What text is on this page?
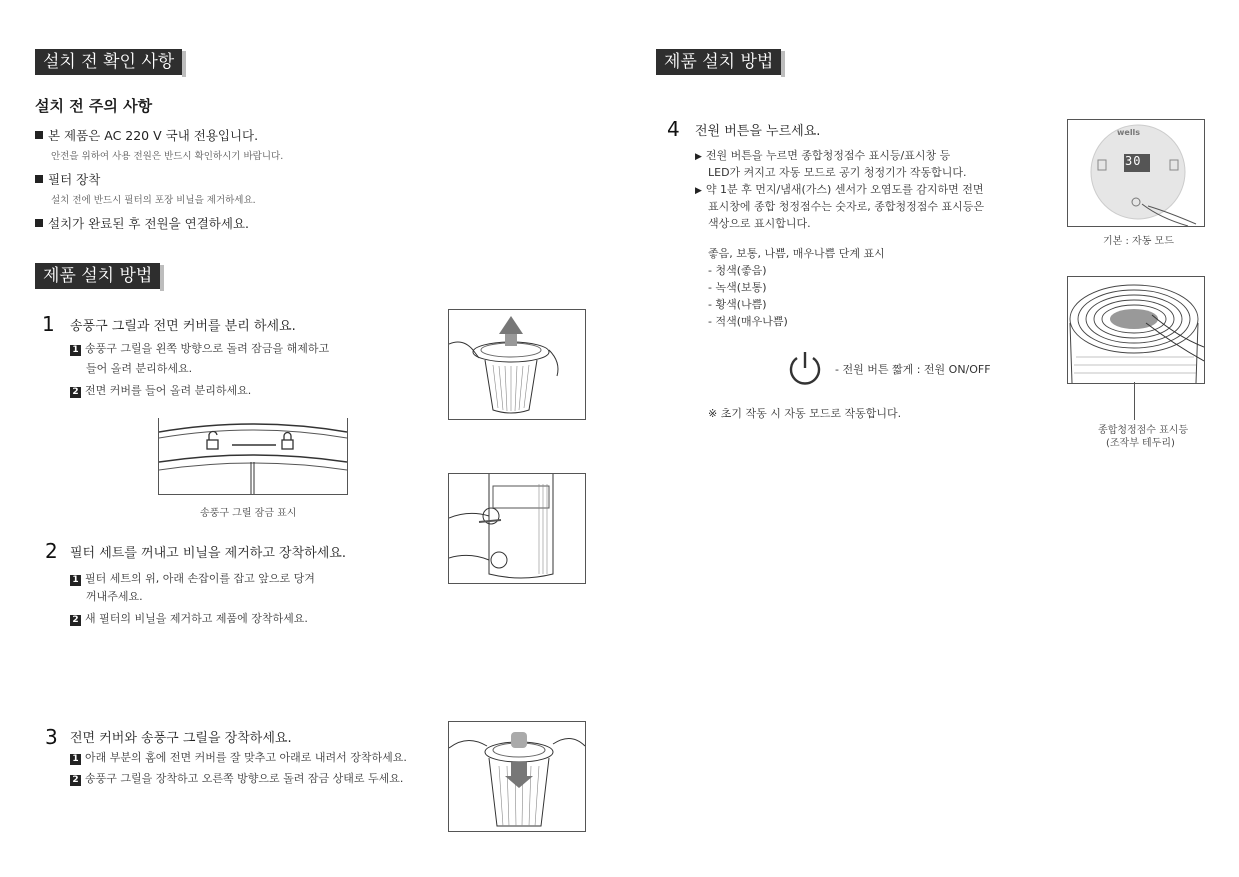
설치 전 확인 사항
설치 전 주의 사항
본 제품은 AC 220 V 국내 전용입니다.
안전을 위하여 사용 전원은 반드시 확인하시기 바랍니다.
필터 장착
설치 전에 반드시 필터의 포장 비닐을 제거하세요.
설치가 완료된 후 전원을 연결하세요.
제품 설치 방법
1 송풍구 그릴과 전면 커버를 분리 하세요.
1 송풍구 그릴을 왼쪽 방향으로 돌려 잠금을 해제하고
들어 올려 분리하세요.
2 전면 커버를 들어 올려 분리하세요.
송풍구 그릴 잠금 표시
2 필터 세트를 꺼내고 비닐을 제거하고 장착하세요.
1 필터 세트의 위, 아래 손잡이를 잡고 앞으로 당겨
꺼내주세요.
2 새 필터의 비닐을 제거하고 제품에 장착하세요.
3 전면 커버와 송풍구 그릴을 장착하세요.
1 아래 부분의 홈에 전면 커버를 잘 맞추고 아래로 내려서 장착하세요.
2 송풍구 그릴을 장착하고 오른쪽 방향으로 돌려 잠금 상태로 두세요.
제품 설치 방법
4 전원 버튼을 누르세요.
▶ 전원 버튼을 누르면 종합청정점수 표시등/표시창 등
LED가 켜지고 자동 모드로 공기 청정기가 작동합니다.
▶ 약 1분 후 먼지/냄새(가스) 센서가 오염도를 감지하면 전면
표시창에 종합 청정점수는 숫자로, 종합청정점수 표시등은
색상으로 표시합니다.
좋음, 보통, 나쁨, 매우나쁨 단계 표시
- 청색(좋음)
- 녹색(보통)
- 황색(나쁨)
- 적색(매우나쁨)
- 전원 버튼 짧게 : 전원 ON/OFF
※ 초기 작동 시 자동 모드로 작동합니다.
wells
30
기본 : 자동 모드
종합청정점수 표시등
(조작부 테두리)
